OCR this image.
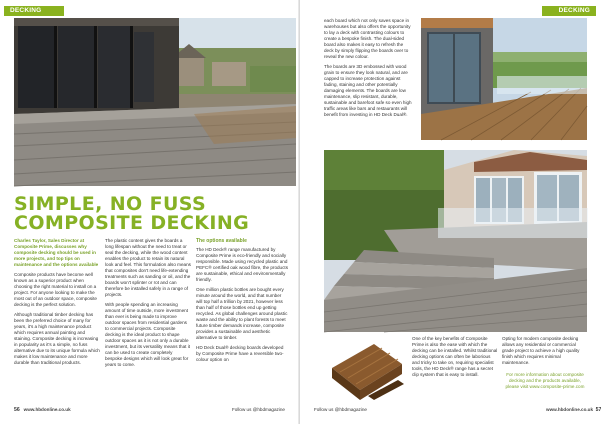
DECKING
SIMPLE, NO FUSS
COMPOSITE DECKING

Charles Taylor, Sales Director at Composite Prime, discusses why composite decking should be used in more projects, and top tips on maintenance and the options available

Composite products have become well known as a superior product when choosing the right material to install on a project. For anyone looking to make the most out of an outdoor space, composite decking is the perfect solution.

Although traditional timber decking has been the preferred choice of many for years, it's a high maintenance product which requires annual painting and staining. Composite decking is increasing in popularity as it's a simple, no fuss alternative due to its unique formula which makes it low maintenance and more durable than traditional products.

The plastic content gives the boards a long lifespan without the need to treat or seal the decking, while the wood content enables the product to retain its natural look and feel. This formulation also means that composites don't need life-extending treatments such as sanding or oil, and the boards won't splinter or rot and can therefore be installed safely in a range of projects.

With people spending an increasing amount of time outside, more investment than ever is being made to improve outdoor spaces from residential gardens to commercial projects. Composite decking is the ideal product to shape outdoor spaces as it is not only a durable investment, but its versatility means that it can be used to create completely bespoke designs which will look great for years to come.

The options available

The HD Deck® range manufactured by Composite Prime is eco-friendly and socially responsible. Made using recycled plastic and PEFC® certified oak wood fibre, the products are sustainable, ethical and environmentally friendly.

One million plastic bottles are bought every minute around the world, and that number will top half a trillion by 2021, however less than half of those bottles end up getting recycled. As global challenges around plastic waste and the ability to plant forests to meet future timber demands increase, composite provides a sustainable and aesthetic alternative to timber.

HD Deck Dual® decking boards developed by Composite Prime have a reversible two-colour option on

56 www.hbdonline.co.uk	Follow us @hbdmagazine
DECKING

each board which not only saves space in warehouses but also offers the opportunity to lay a deck with contrasting colours to create a bespoke finish. The dual-sided board also makes it easy to refresh the deck by simply flipping the boards over to reveal the new colour.

The boards are 3D embossed with wood grain to ensure they look natural, and are capped to increase protection against fading, staining and other potentially damaging elements. The boards are low maintenance, slip resistant, durable, sustainable and barefoot safe so even high traffic areas like bars and restaurants will benefit from investing in HD Deck Dual®.

One of the key benefits of Composite Prime is also the ease with which the decking can be installed. Whilst traditional decking options can often be laborious and tricky to take on, requiring specialist tools, the HD Deck® range has a secret clip system that is easy to install.

Opting for modern composite decking allows any residential or commercial grade project to achieve a high quality finish which requires minimal maintenance.

For more information about composite decking and the products available, please visit www.composite-prime.com

Follow us @hbdmagazine	www.hbdonline.co.uk 57
